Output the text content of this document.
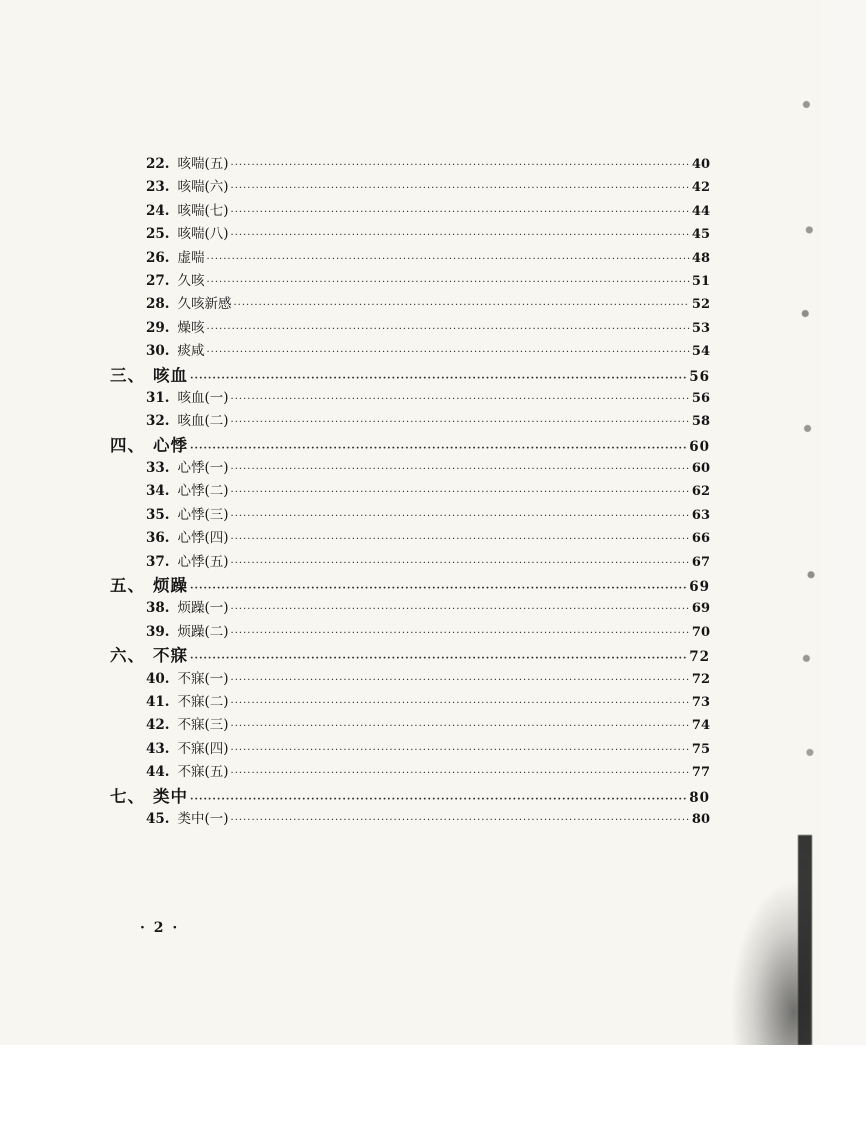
22. 咳喘(五) ·····	40
23. 咳喘(六) ·····	42
24. 咳喘(七) ·····	44
25. 咳喘(八) ·····	45
26. 虚喘 ·····	48
27. 久咳 ·····	51
28. 久咳新感 ·····	52
29. 燥咳 ·····	53
30. 痰咸 ·····	54
三、 咳血 ·····	56
31. 咳血(一) ·····	56
32. 咳血(二) ·····	58
四、 心悸 ·····	60
33. 心悸(一) ·····	60
34. 心悸(二) ·····	62
35. 心悸(三) ·····	63
36. 心悸(四) ·····	66
37. 心悸(五) ·····	67
五、 烦躁 ·····	69
38. 烦躁(一) ·····	69
39. 烦躁(二) ·····	70
六、 不寐 ·····	72
40. 不寐(一) ·····	72
41. 不寐(二) ·····	73
42. 不寐(三) ·····	74
43. 不寐(四) ·····	75
44. 不寐(五) ·····	77
七、 类中 ·····	80
45. 类中(一) ·····	80
· 2 ·
